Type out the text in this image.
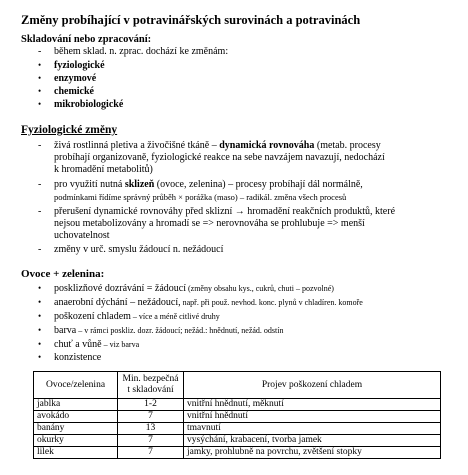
Změny probíhající v potravinářských surovinách a potravinách
Skladování nebo zpracování:
- během sklad. n. zprac. dochází ke změnám:
• fyziologické
• enzymové
• chemické
• mikrobiologické
Fyziologické změny
- živá rostlinná pletiva a živočišné tkáně – dynamická rovnováha (metab. procesy
probíhají organizovaně, fyziologické reakce na sebe navzájem navazují, nedochází
k hromadění metabolitů)
- pro využití nutná sklizeň (ovoce, zelenina) – procesy probíhají dál normálně,
podmínkami řídíme správný průběh × porážka (maso) – radikál. změna všech procesů
- přerušení dynamické rovnováhy před sklizní → hromadění reakčních produktů, které
nejsou metabolizovány a hromadí se => nerovnováha se prohlubuje => menší
uchovatelnost
- změny v urč. smyslu žádoucí n. nežádoucí
Ovoce + zelenina:
• posklizňové dozrávání = žádoucí (změny obsahu kys., cukrů, chuti – pozvolné)
• anaerobní dýchání – nežádoucí, např. při použ. nevhod. konc. plynů v chladíren. komoře
• poškození chladem – více a méně citlivé druhy
• barva – v rámci poskliz. dozr. žádoucí; nežád.: hnědnutí, nežád. odstín
• chuť a vůně – viz barva
• konzistence
Ovoce/zelenina	Min. bezpečná
t skladování	Projev poškození chladem
jablka	1-2	vnitřní hnědnutí, měknutí
avokádo	7	vnitřní hnědnutí
banány	13	tmavnutí
okurky	7	vysýchání, krabacení, tvorba jamek
lilek	7	jamky, prohlubně na povrchu, zvětšení stopky
